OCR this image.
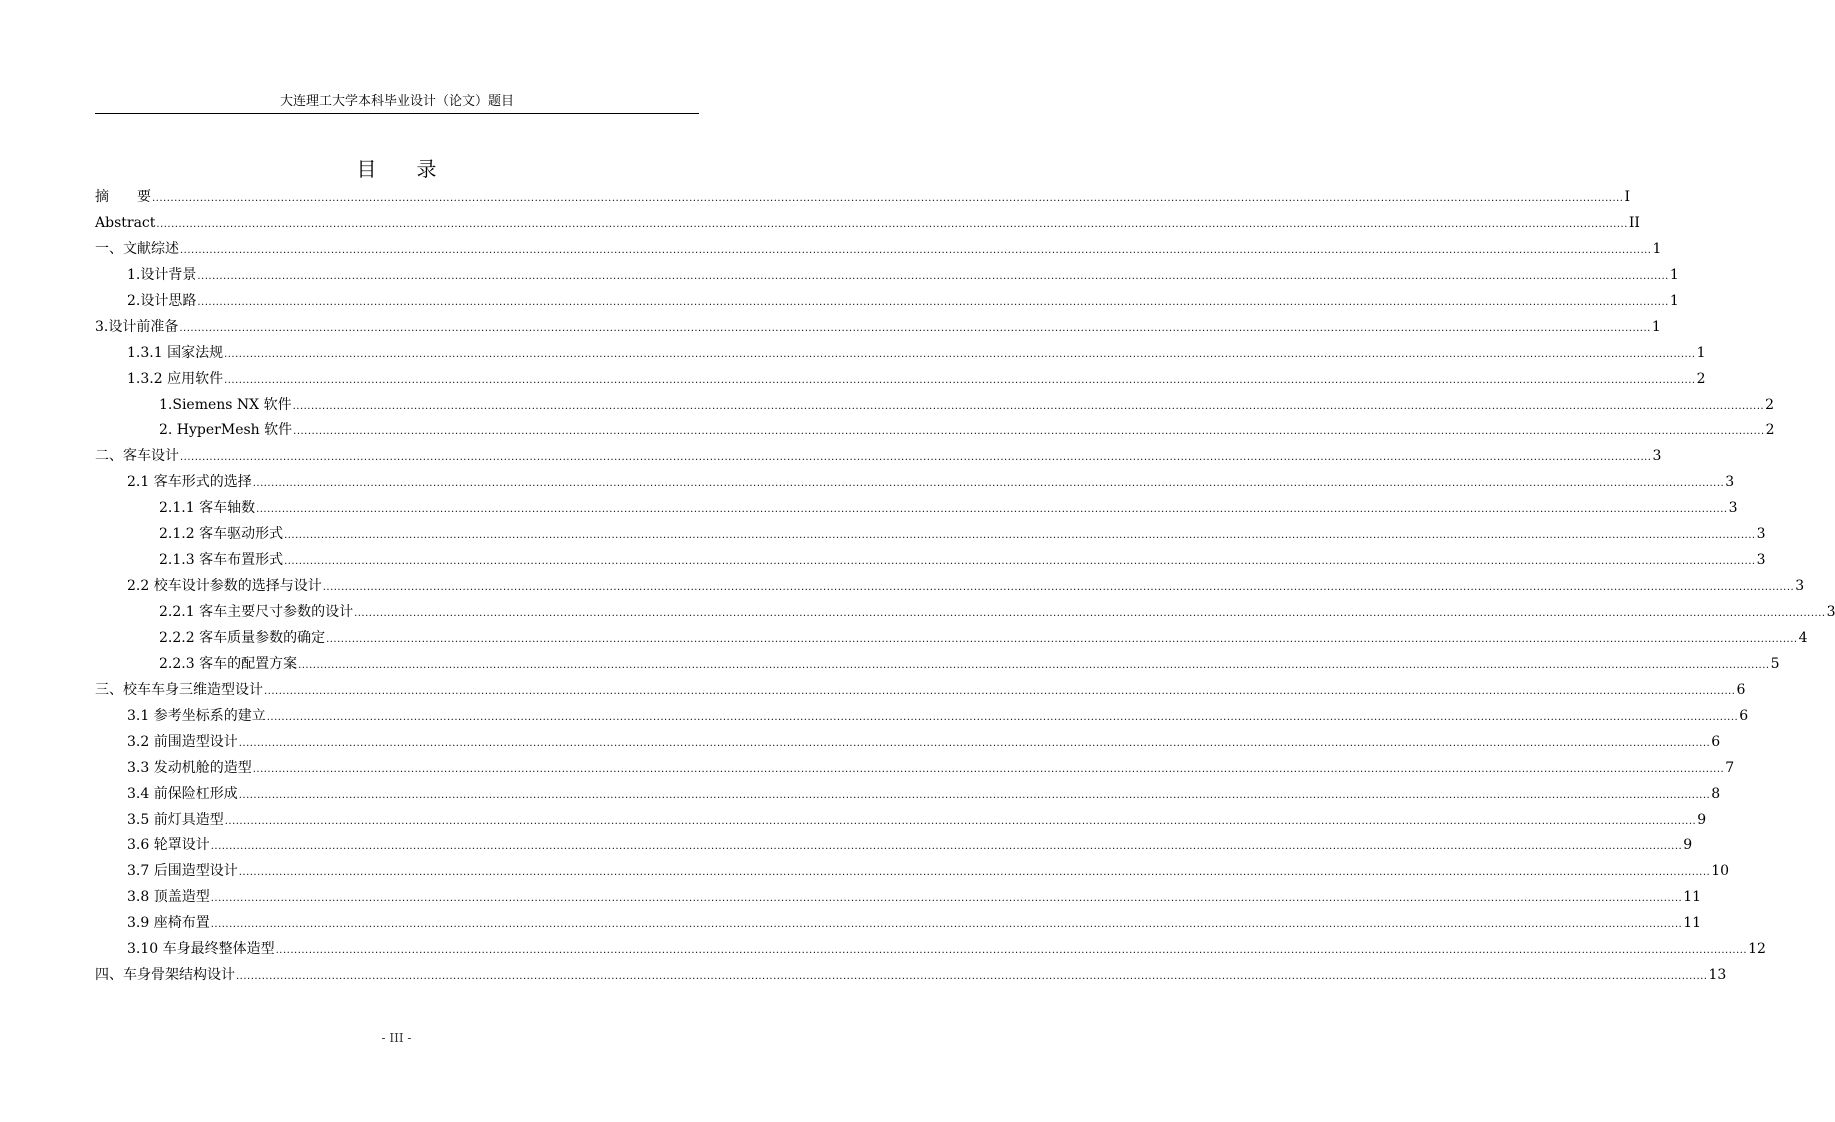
大连理工大学本科毕业设计（论文）题目
目 录
摘　　要 ................................................................................................................................................................................................................................................................................................................................................................................................................ I
Abstract ................................................................................................................................................................................................................................................................................................................................................................................................................ II
一、文献综述 ................................................................................................................................................................................................................................................................................................................................................................................................................ 1
1.设计背景 ................................................................................................................................................................................................................................................................................................................................................................................................................ 1
2.设计思路 ................................................................................................................................................................................................................................................................................................................................................................................................................ 1
3.设计前准备 ................................................................................................................................................................................................................................................................................................................................................................................................................ 1
1.3.1 国家法规 ................................................................................................................................................................................................................................................................................................................................................................................................................ 1
1.3.2 应用软件 ................................................................................................................................................................................................................................................................................................................................................................................................................ 2
1.Siemens NX 软件 ................................................................................................................................................................................................................................................................................................................................................................................................................ 2
2. HyperMesh 软件 ................................................................................................................................................................................................................................................................................................................................................................................................................ 2
二、客车设计 ................................................................................................................................................................................................................................................................................................................................................................................................................ 3
2.1 客车形式的选择 ................................................................................................................................................................................................................................................................................................................................................................................................................ 3
2.1.1 客车轴数 ................................................................................................................................................................................................................................................................................................................................................................................................................ 3
2.1.2 客车驱动形式 ................................................................................................................................................................................................................................................................................................................................................................................................................ 3
2.1.3 客车布置形式 ................................................................................................................................................................................................................................................................................................................................................................................................................ 3
2.2 校车设计参数的选择与设计 ................................................................................................................................................................................................................................................................................................................................................................................................................ 3
2.2.1 客车主要尺寸参数的设计 ................................................................................................................................................................................................................................................................................................................................................................................................................ 3
2.2.2 客车质量参数的确定 ................................................................................................................................................................................................................................................................................................................................................................................................................ 4
2.2.3 客车的配置方案 ................................................................................................................................................................................................................................................................................................................................................................................................................ 5
三、校车车身三维造型设计 ................................................................................................................................................................................................................................................................................................................................................................................................................ 6
3.1 参考坐标系的建立 ................................................................................................................................................................................................................................................................................................................................................................................................................ 6
3.2 前围造型设计 ................................................................................................................................................................................................................................................................................................................................................................................................................ 6
3.3 发动机舱的造型 ................................................................................................................................................................................................................................................................................................................................................................................................................ 7
3.4 前保险杠形成 ................................................................................................................................................................................................................................................................................................................................................................................................................ 8
3.5 前灯具造型 ................................................................................................................................................................................................................................................................................................................................................................................................................ 9
3.6 轮罩设计 ................................................................................................................................................................................................................................................................................................................................................................................................................ 9
3.7 后围造型设计 ................................................................................................................................................................................................................................................................................................................................................................................................................ 10
3.8 顶盖造型 ................................................................................................................................................................................................................................................................................................................................................................................................................ 11
3.9 座椅布置 ................................................................................................................................................................................................................................................................................................................................................................................................................ 11
3.10 车身最终整体造型 ................................................................................................................................................................................................................................................................................................................................................................................................................ 12
四、车身骨架结构设计 ................................................................................................................................................................................................................................................................................................................................................................................................................ 13
- III -
